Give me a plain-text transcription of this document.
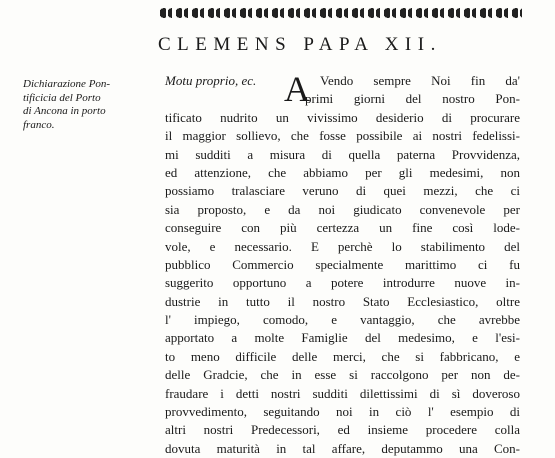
CLEMENS PAPA XII.
Dichiarazione Pon-
tificicia del Porto
di Ancona in porto
franco.
Motu proprio, ec. A Vendo sempre Noi fin da'
primi giorni del nostro Pon-
tificato nudrito un vivissimo desiderio di procurare
il maggior sollievo, che fosse possibile ai nostri fedelissi-
mi sudditi a misura di quella paterna Provvidenza,
ed attenzione, che abbiamo per gli medesimi, non
possiamo tralasciare veruno di quei mezzi, che ci
sia proposto, e da noi giudicato convenevole per
conseguire con più certezza un fine così lode-
vole, e necessario. E perchè lo stabilimento del
pubblico Commercio specialmente marittimo ci fu
suggerito opportuno a potere introdurre nuove in-
dustrie in tutto il nostro Stato Ecclesiastico, oltre
l' impiego, comodo, e vantaggio, che avrebbe
apportato a molte Famiglie del medesimo, e l'esi-
to meno difficile delle merci, che si fabbricano, e
delle Gradcie, che in esse si raccolgono per non de-
fraudare i detti nostri sudditi dilettissimi di sì doveroso
provvedimento, seguitando noi in ciò l' esempio di
altri nostri Predecessori, ed insieme procedere colla
dovuta maturità in tal affare, deputammo una Con-
